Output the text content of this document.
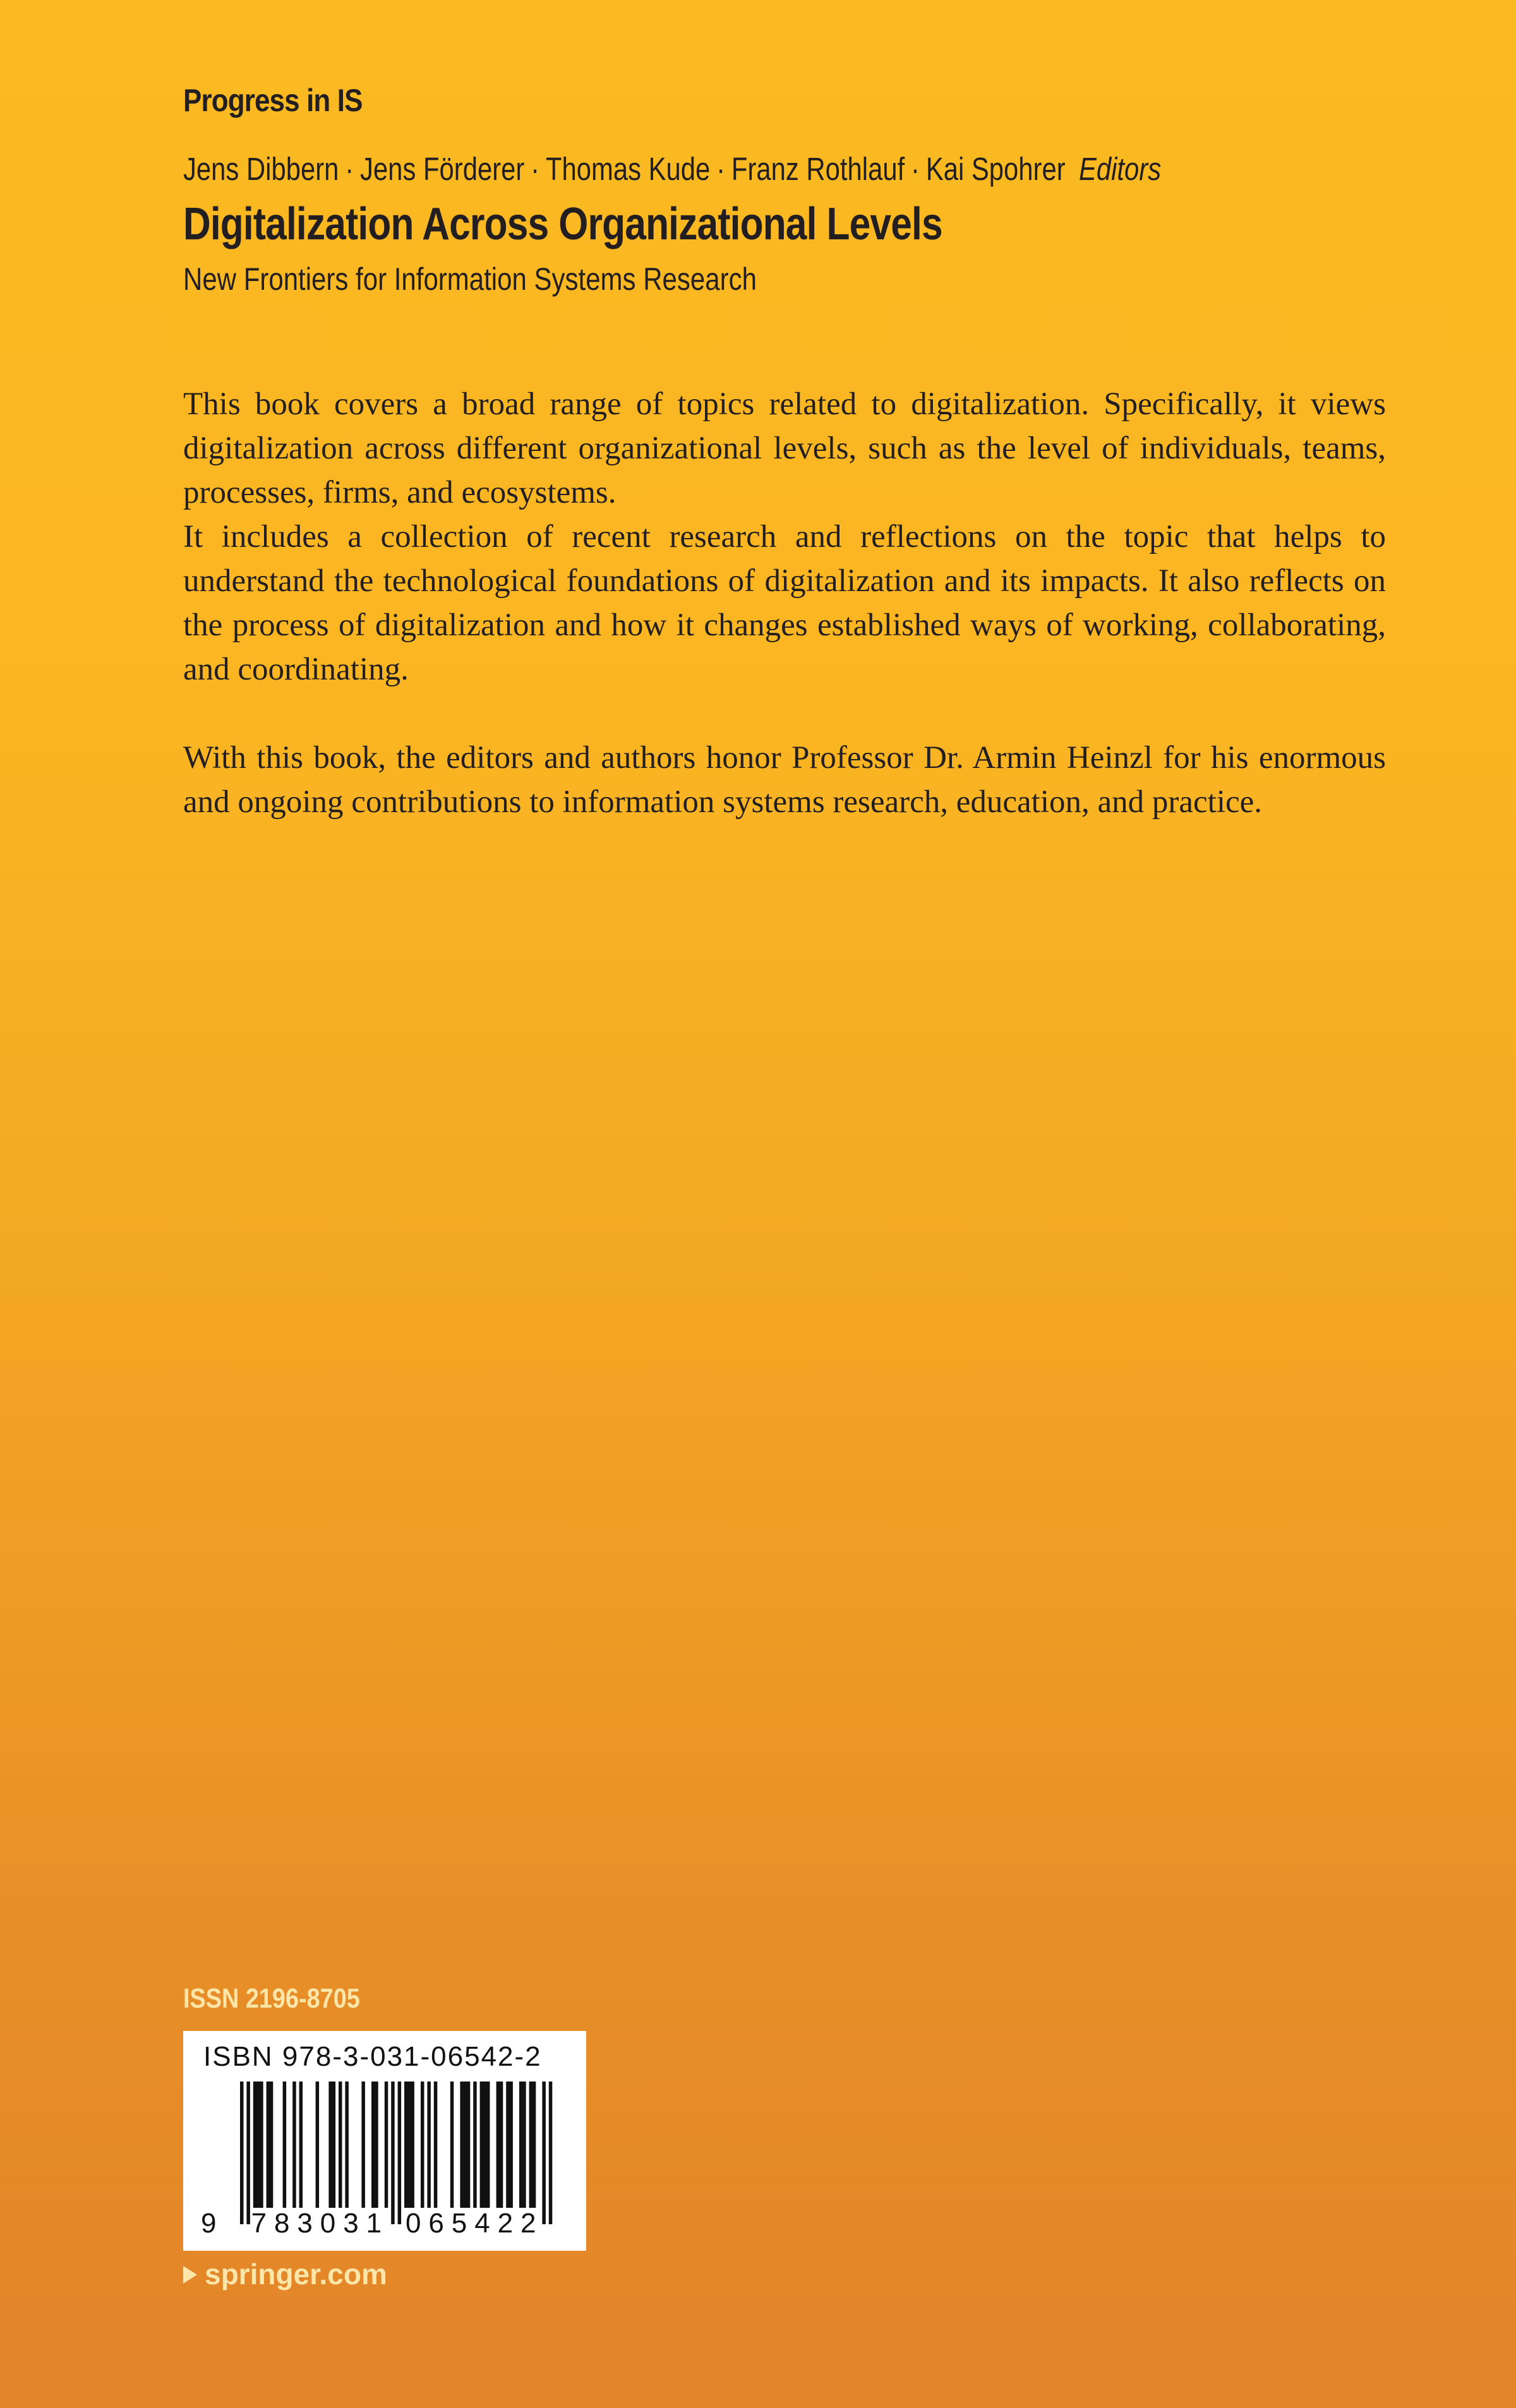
Progress in IS
Jens Dibbern · Jens Förderer · Thomas Kude · Franz Rothlauf · Kai Spohrer Editors
Digitalization Across Organizational Levels
New Frontiers for Information Systems Research

This book covers a broad range of topics related to digitalization. Specifically, it views digitalization across different organizational levels, such as the level of individuals, teams, processes, firms, and ecosystems.

It includes a collection of recent research and reflections on the topic that helps to understand the technological foundations of digitalization and its impacts. It also reflects on the process of digitalization and how it changes established ways of working, collaborating, and coordinating.

With this book, the editors and authors honor Professor Dr. Armin Heinzl for his enormous and ongoing contributions to information systems research, education, and practice.

ISSN 2196-8705
ISBN 978-3-031-06542-2
9 7 8 3 0 3 1 0 6 5 4 2 2
springer.com
